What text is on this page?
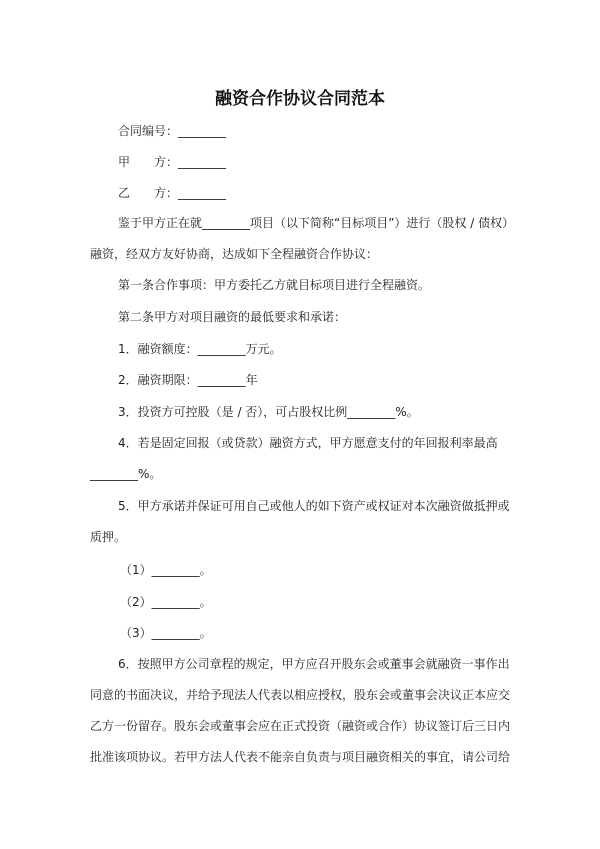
融资合作协议合同范本
合同编号：________
甲　　方：________
乙　　方：________
鉴于甲方正在就________项目（以下简称“目标项目”）进行（股权 / 债权）
融资，经双方友好协商，达成如下全程融资合作协议：
第一条合作事项：甲方委托乙方就目标项目进行全程融资。
第二条甲方对项目融资的最低要求和承诺：
1．融资额度：________万元。
2．融资期限：________年
3．投资方可控股（是 / 否），可占股权比例________%。
4．若是固定回报（或贷款）融资方式，甲方愿意支付的年回报利率最高
________%。
5．甲方承诺并保证可用自己或他人的如下资产或权证对本次融资做抵押或
质押。
（1）________。
（2）________。
（3）________。
6．按照甲方公司章程的规定，甲方应召开股东会或董事会就融资一事作出
同意的书面决议，并给予现法人代表以相应授权，股东会或董事会决议正本应交
乙方一份留存。股东会或董事会应在正式投资（融资或合作）协议签订后三日内
批准该项协议。若甲方法人代表不能亲自负责与项目融资相关的事宜，请公司给
